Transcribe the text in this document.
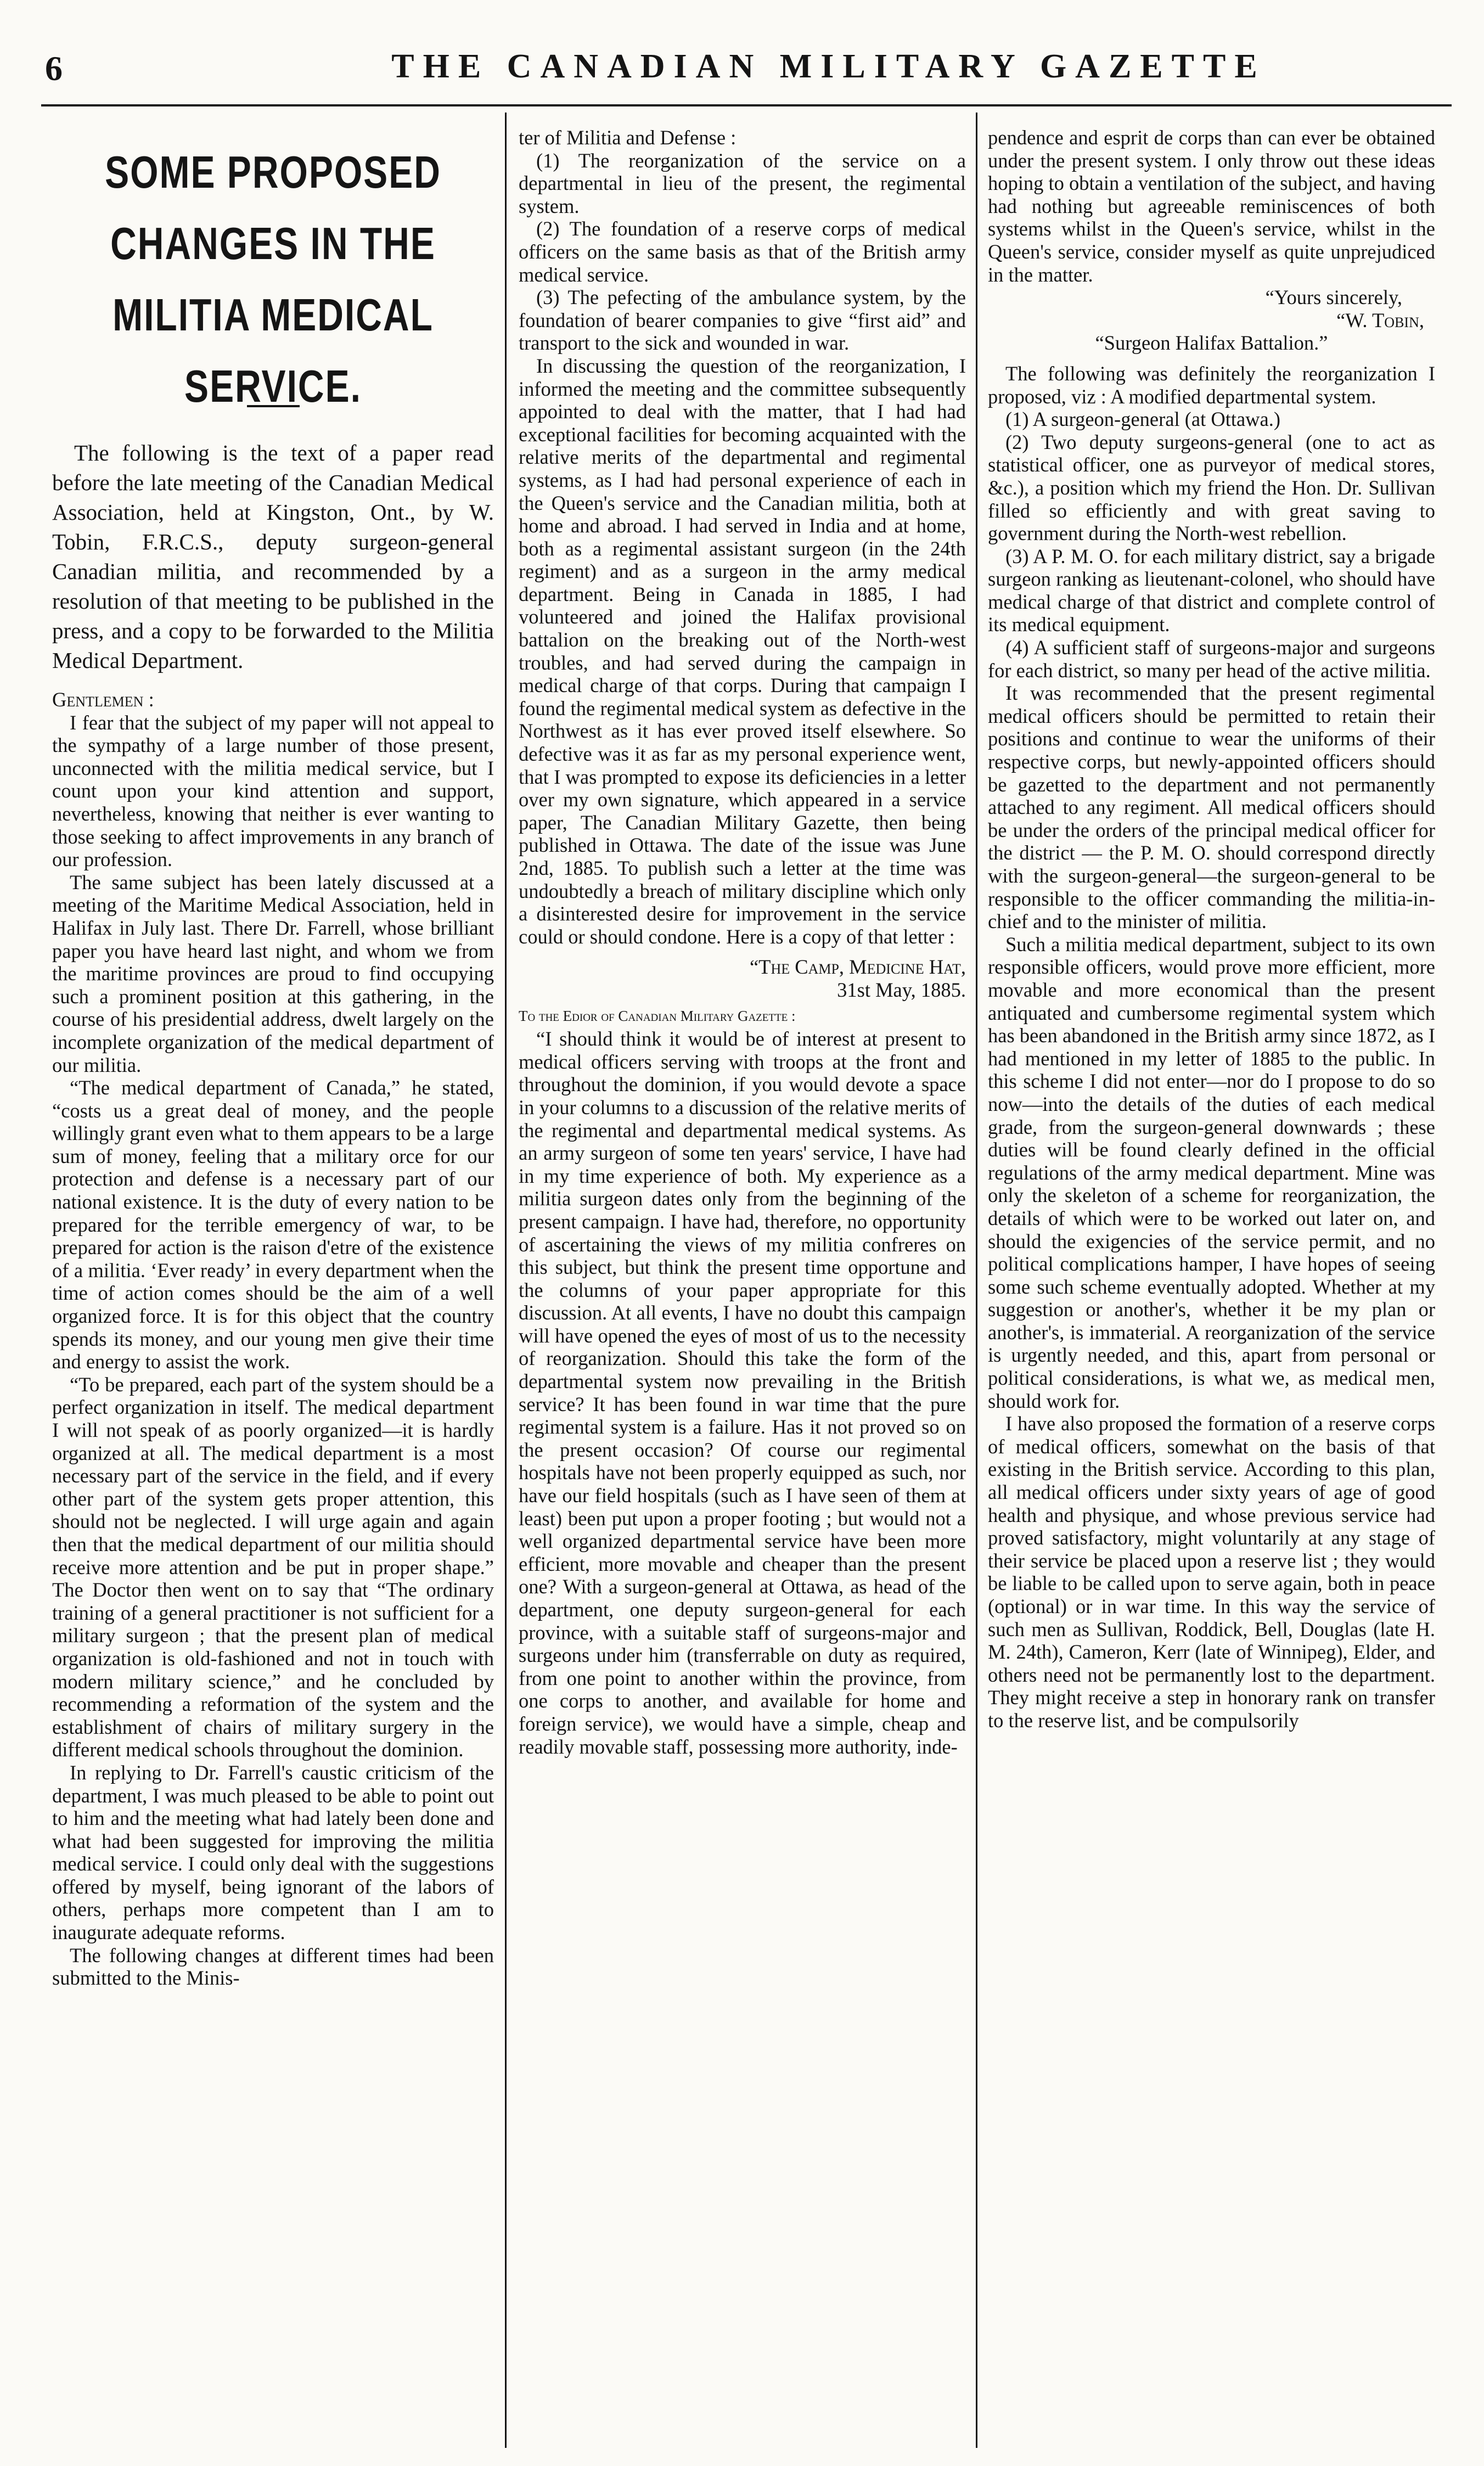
6	THE CANADIAN MILITARY GAZETTE
SOME PROPOSED CHANGES IN THE MILITIA MEDICAL SERVICE.

The following is the text of a paper read before the late meeting of the Canadian Medical Association, held at Kingston, Ont., by W. Tobin, F.R.C.S., deputy surgeon-general Canadian militia, and recommended by a resolution of that meeting to be published in the press, and a copy to be forwarded to the Militia Medical Department.

Gentlemen :

I fear that the subject of my paper will not appeal to the sympathy of a large number of those present, unconnected with the militia medical service, but I count upon your kind attention and support, nevertheless, knowing that neither is ever wanting to those seeking to affect improvements in any branch of our profession.

The same subject has been lately discussed at a meeting of the Maritime Medical Association, held in Halifax in July last. There Dr. Farrell, whose brilliant paper you have heard last night, and whom we from the maritime provinces are proud to find occupying such a prominent position at this gathering, in the course of his presidential address, dwelt largely on the incomplete organization of the medical department of our militia.

“The medical department of Canada,” he stated, “costs us a great deal of money, and the people willingly grant even what to them appears to be a large sum of money, feeling that a military orce for our protection and defense is a necessary part of our national existence. It is the duty of every nation to be prepared for the terrible emergency of war, to be prepared for action is the raison d'etre of the existence of a militia. ‘Ever ready’ in every department when the time of action comes should be the aim of a well organized force. It is for this object that the country spends its money, and our young men give their time and energy to assist the work.

“To be prepared, each part of the system should be a perfect organization in itself. The medical department I will not speak of as poorly organized—it is hardly organized at all. The medical department is a most necessary part of the service in the field, and if every other part of the system gets proper attention, this should not be neglected. I will urge again and again then that the medical department of our militia should receive more attention and be put in proper shape.” The Doctor then went on to say that “The ordinary training of a general practitioner is not sufficient for a military surgeon ; that the present plan of medical organization is old-fashioned and not in touch with modern military science,” and he concluded by recommending a reformation of the system and the establishment of chairs of military surgery in the different medical schools throughout the dominion.

In replying to Dr. Farrell's caustic criticism of the department, I was much pleased to be able to point out to him and the meeting what had lately been done and what had been suggested for improving the militia medical service. I could only deal with the suggestions offered by myself, being ignorant of the labors of others, perhaps more competent than I am to inaugurate adequate reforms.

The following changes at different times had been submitted to the Minis-

ter of Militia and Defense :

(1) The reorganization of the service on a departmental in lieu of the present, the regimental system.

(2) The foundation of a reserve corps of medical officers on the same basis as that of the British army medical service.

(3) The pefecting of the ambulance system, by the foundation of bearer companies to give “first aid” and transport to the sick and wounded in war.

In discussing the question of the reorganization, I informed the meeting and the committee subsequently appointed to deal with the matter, that I had had exceptional facilities for becoming acquainted with the relative merits of the departmental and regimental systems, as I had had personal experience of each in the Queen's service and the Canadian militia, both at home and abroad. I had served in India and at home, both as a regimental assistant surgeon (in the 24th regiment) and as a surgeon in the army medical department. Being in Canada in 1885, I had volunteered and joined the Halifax provisional battalion on the breaking out of the North-west troubles, and had served during the campaign in medical charge of that corps. During that campaign I found the regimental medical system as defective in the Northwest as it has ever proved itself elsewhere. So defective was it as far as my personal experience went, that I was prompted to expose its deficiencies in a letter over my own signature, which appeared in a service paper, The Canadian Military Gazette, then being published in Ottawa. The date of the issue was June 2nd, 1885. To publish such a letter at the time was undoubtedly a breach of military discipline which only a disinterested desire for improvement in the service could or should condone. Here is a copy of that letter :

“The Camp, Medicine Hat,
31st May, 1885.

To the Edior of Canadian Military Gazette :

“I should think it would be of interest at present to medical officers serving with troops at the front and throughout the dominion, if you would devote a space in your columns to a discussion of the relative merits of the regimental and departmental medical systems. As an army surgeon of some ten years' service, I have had in my time experience of both. My experience as a militia surgeon dates only from the beginning of the present campaign. I have had, therefore, no opportunity of ascertaining the views of my militia confreres on this subject, but think the present time opportune and the columns of your paper appropriate for this discussion. At all events, I have no doubt this campaign will have opened the eyes of most of us to the necessity of reorganization. Should this take the form of the departmental system now prevailing in the British service? It has been found in war time that the pure regimental system is a failure. Has it not proved so on the present occasion? Of course our regimental hospitals have not been properly equipped as such, nor have our field hospitals (such as I have seen of them at least) been put upon a proper footing ; but would not a well organized departmental service have been more efficient, more movable and cheaper than the present one? With a surgeon-general at Ottawa, as head of the department, one deputy surgeon-general for each province, with a suitable staff of surgeons-major and surgeons under him (transferrable on duty as required, from one point to another within the province, from one corps to another, and available for home and foreign service), we would have a simple, cheap and readily movable staff, possessing more authority, inde-

pendence and esprit de corps than can ever be obtained under the present system. I only throw out these ideas hoping to obtain a ventilation of the subject, and having had nothing but agreeable reminiscences of both systems whilst in the Queen's service, whilst in the Queen's service, consider myself as quite unprejudiced in the matter.

“Yours sincerely,

“W. Tobin,

“Surgeon Halifax Battalion.”

The following was definitely the reorganization I proposed, viz : A modified departmental system.

(1) A surgeon-general (at Ottawa.)

(2) Two deputy surgeons-general (one to act as statistical officer, one as purveyor of medical stores, &c.), a position which my friend the Hon. Dr. Sullivan filled so efficiently and with great saving to government during the North-west rebellion.

(3) A P. M. O. for each military district, say a brigade surgeon ranking as lieutenant-colonel, who should have medical charge of that district and complete control of its medical equipment.

(4) A sufficient staff of surgeons-major and surgeons for each district, so many per head of the active militia.

It was recommended that the present regimental medical officers should be permitted to retain their positions and continue to wear the uniforms of their respective corps, but newly-appointed officers should be gazetted to the department and not permanently attached to any regiment. All medical officers should be under the orders of the principal medical officer for the district — the P. M. O. should correspond directly with the surgeon-general—the surgeon-general to be responsible to the officer commanding the militia-in-chief and to the minister of militia.

Such a militia medical department, subject to its own responsible officers, would prove more efficient, more movable and more economical than the present antiquated and cumbersome regimental system which has been abandoned in the British army since 1872, as I had mentioned in my letter of 1885 to the public. In this scheme I did not enter—nor do I propose to do so now—into the details of the duties of each medical grade, from the surgeon-general downwards ; these duties will be found clearly defined in the official regulations of the army medical department. Mine was only the skeleton of a scheme for reorganization, the details of which were to be worked out later on, and should the exigencies of the service permit, and no political complications hamper, I have hopes of seeing some such scheme eventually adopted. Whether at my suggestion or another's, whether it be my plan or another's, is immaterial. A reorganization of the service is urgently needed, and this, apart from personal or political considerations, is what we, as medical men, should work for.

I have also proposed the formation of a reserve corps of medical officers, somewhat on the basis of that existing in the British service. According to this plan, all medical officers under sixty years of age of good health and physique, and whose previous service had proved satisfactory, might voluntarily at any stage of their service be placed upon a reserve list ; they would be liable to be called upon to serve again, both in peace (optional) or in war time. In this way the service of such men as Sullivan, Roddick, Bell, Douglas (late H. M. 24th), Cameron, Kerr (late of Winnipeg), Elder, and others need not be permanently lost to the department. They might receive a step in honorary rank on transfer to the reserve list, and be compulsorily
